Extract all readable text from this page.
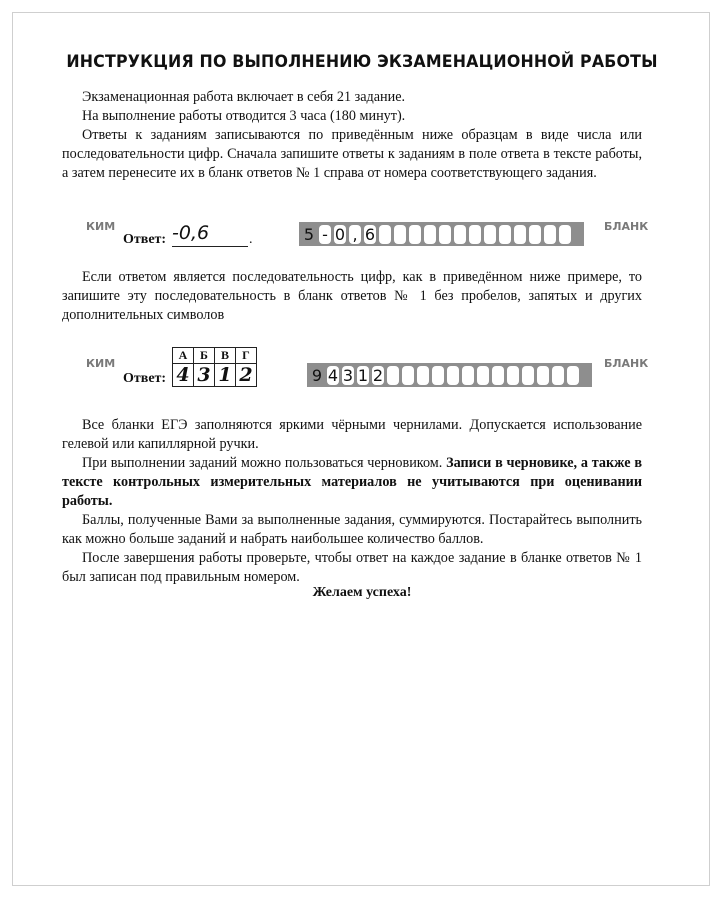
ИНСТРУКЦИЯ ПО ВЫПОЛНЕНИЮ ЭКЗАМЕНАЦИОННОЙ РАБОТЫ

Экзаменационная работа включает в себя 21 задание.

На выполнение работы отводится 3 часа (180 минут).

Ответы к заданиям записываются по приведённым ниже образцам в виде числа или последовательности цифр. Сначала запишите ответы к заданиям в поле ответа в тексте работы, а затем перенесите их в бланк ответов № 1 справа от номера соответствующего задания.

КИМ
Ответ: -0,6	.	5 - 0 , 6	БЛАНК

Если ответом является последовательность цифр, как в приведённом ниже примере, то запишите эту последовательность в бланк ответов № 1 без пробелов, запятых и других дополнительных символов

КИМ
Ответ:
А	Б	В	Г
4	3	1	2	9 4 3 1 2
БЛАНК

Все бланки ЕГЭ заполняются яркими чёрными чернилами. Допускается использование гелевой или капиллярной ручки.

При выполнении заданий можно пользоваться черновиком. Записи в черновике, а также в тексте контрольных измерительных материалов не учитываются при оценивании работы.

Баллы, полученные Вами за выполненные задания, суммируются. Постарайтесь выполнить как можно больше заданий и набрать наибольшее количество баллов.

После завершения работы проверьте, чтобы ответ на каждое задание в бланке ответов № 1 был записан под правильным номером.

Желаем успеха!
